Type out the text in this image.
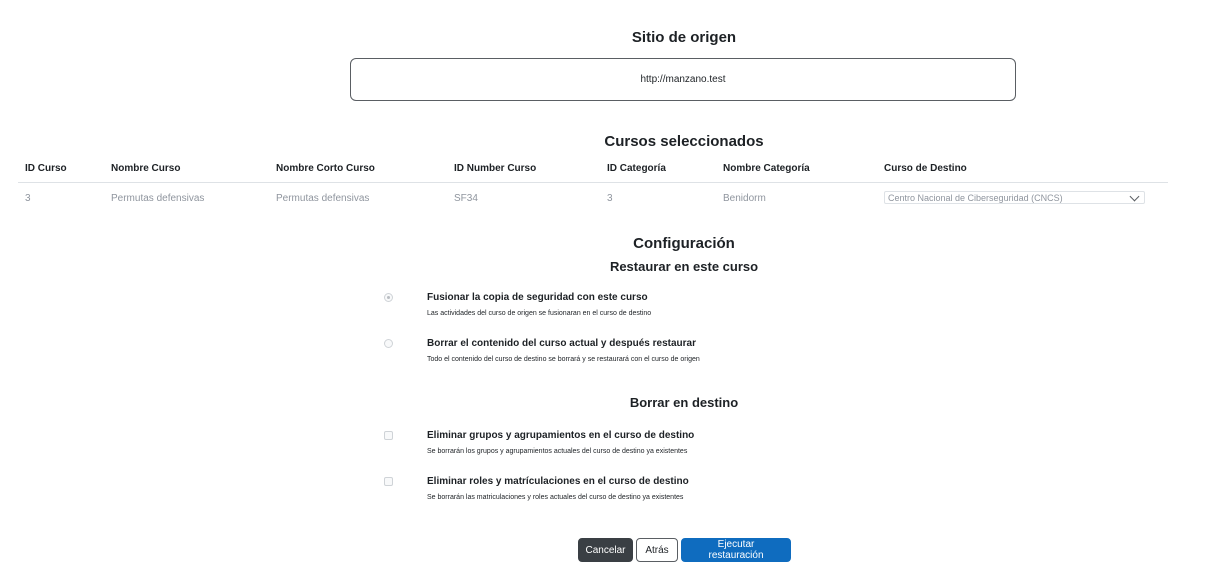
Sitio de origen
http://manzano.test
Cursos seleccionados
ID Curso	Nombre Curso	Nombre Corto Curso	ID Number Curso	ID Categoría	Nombre Categoría	Curso de Destino
3	Permutas defensivas	Permutas defensivas	SF34	3	Benidorm	Centro Nacional de Ciberseguridad (CNCS)
Configuración
Restaurar en este curso
Fusionar la copia de seguridad con este curso
Las actividades del curso de origen se fusionaran en el curso de destino
Borrar el contenido del curso actual y después restaurar
Todo el contenido del curso de destino se borrará y se restaurará con el curso de origen
Borrar en destino
Eliminar grupos y agrupamientos en el curso de destino
Se borrarán los grupos y agrupamientos actuales del curso de destino ya existentes
Eliminar roles y matrículaciones en el curso de destino
Se borrarán las matriculaciones y roles actuales del curso de destino ya existentes
Cancelar	Atrás	Ejecutar restauración
